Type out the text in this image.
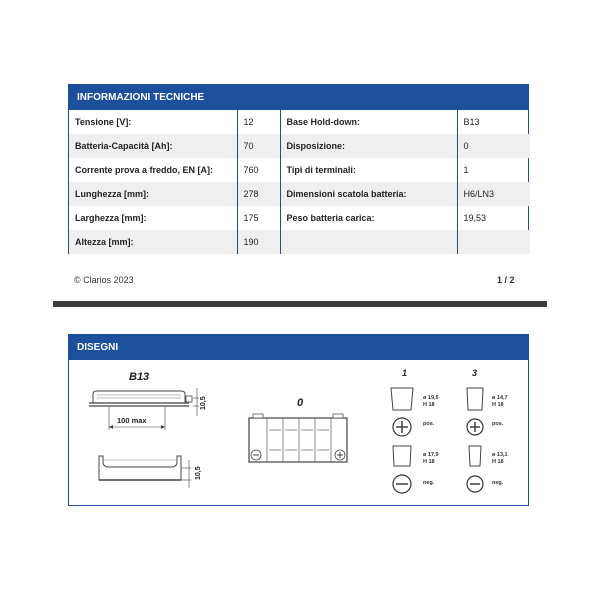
INFORMAZIONI TECNICHE
Tensione [V]:	12	Base Hold-down:	B13
Batteria-Capacità [Ah]:	70	Disposizione:	0
Corrente prova a freddo, EN [A]:	760	Tipi di terminali:	1
Lunghezza [mm]:	278	Dimensioni scatola batteria:	H6/LN3
Larghezza [mm]:	175	Peso batteria carica:	19,53
Altezza [mm]:	190		
© Clarios 2023	1 / 2
DISEGNI
B13
10,5
100 max
10,5
0
1
ø 19,5
H 18
pos.
ø 17,9
H 18
neg.
3
ø 14,7
H 18
pos.
ø 13,1
H 18
neg.
